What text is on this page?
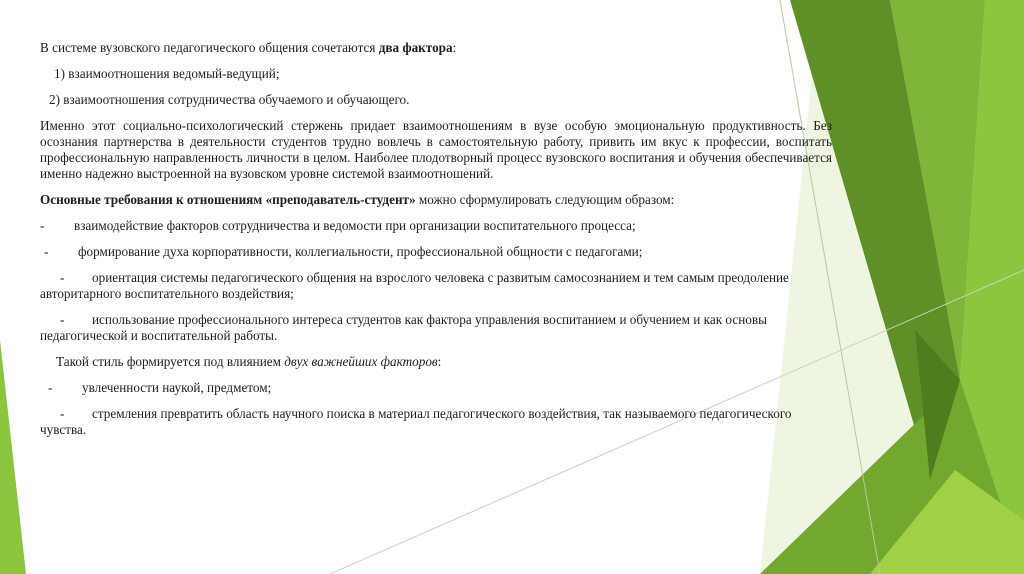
В системе вузовского педагогического общения сочетаются два фактора:

1) взаимоотношения ведомый-ведущий;

2) взаимоотношения сотрудничества обучаемого и обучающего.

Именно этот социально-психологический стержень придает взаимоотношениям в вузе особую эмоциональную продуктивность. Без осознания партнерства в деятельности студентов трудно вовлечь в самостоятельную работу, привить им вкус к профессии, воспитать профессиональную направленность личности в целом. Наиболее плодотворный процесс вузовского воспитания и обучения обеспечивается именно надежно выстроенной на вузовском уровне системой взаимоотношений.

Основные требования к отношениям «преподаватель-студент» можно сформулировать следующим образом:

- взаимодействие факторов сотрудничества и ведомости при организации воспитательного процесса;

- формирование духа корпоративности, коллегиальности, профессиональной общности с педагогами;

- ориентация системы педагогического общения на взрослого человека с развитым самосознанием и тем самым преодоление авторитарного воспитательного воздействия;

- использование профессионального интереса студентов как фактора управления воспитанием и обучением и как основы педагогической и воспитательной работы.

Такой стиль формируется под влиянием двух важнейших факторов:

- увлеченности наукой, предметом;

- стремления превратить область научного поиска в материал педагогического воздействия, так называемого педагогического чувства.
